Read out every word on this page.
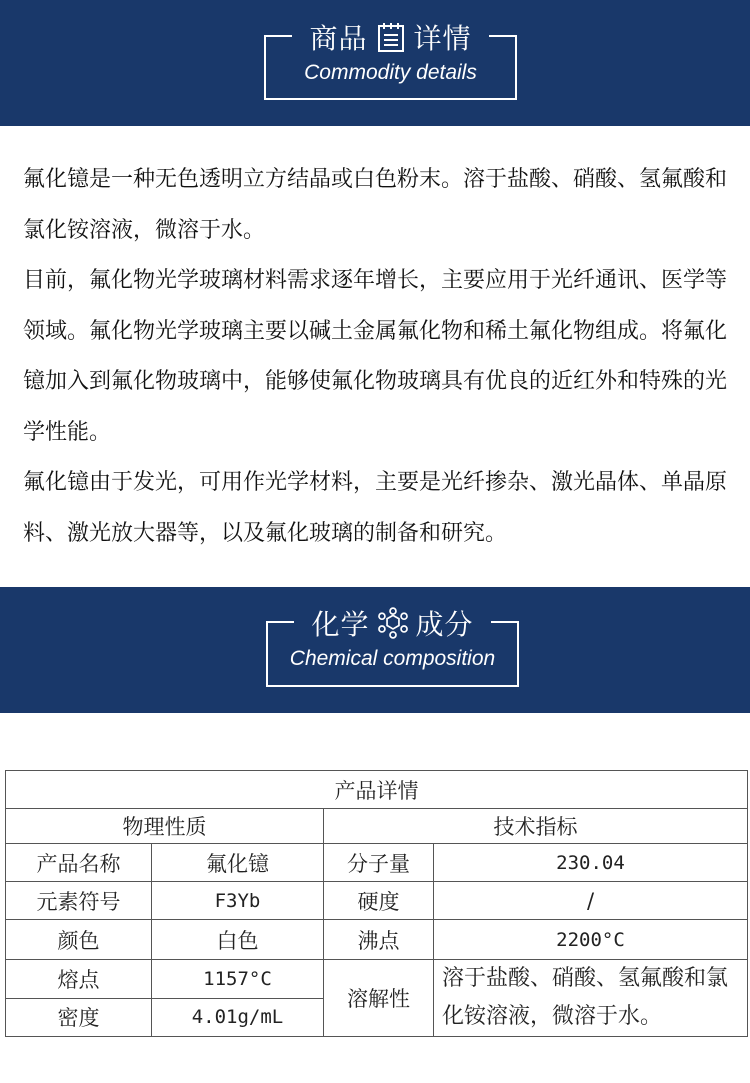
商品 详情
Commodity details

氟化镱是一种无色透明立方结晶或白色粉末。溶于盐酸、硝酸、氢氟酸和氯化铵溶液，微溶于水。

目前，氟化物光学玻璃材料需求逐年增长，主要应用于光纤通讯、医学等领域。氟化物光学玻璃主要以碱土金属氟化物和稀土氟化物组成。将氟化镱加入到氟化物玻璃中，能够使氟化物玻璃具有优良的近红外和特殊的光学性能。

氟化镱由于发光，可用作光学材料，主要是光纤掺杂、激光晶体、单晶原料、激光放大器等，以及氟化玻璃的制备和研究。

化学 成分
Chemical composition
产品详情			
物理性质		技术指标	
产品名称	氟化镱	分子量	230.04
元素符号	F3Yb	硬度	/
颜色	白色	沸点	2200°C
熔点	1157°C	溶解性	溶于盐酸、硝酸、氢氟酸和氯化铵溶液，微溶于水。
密度	4.01g/mL		
